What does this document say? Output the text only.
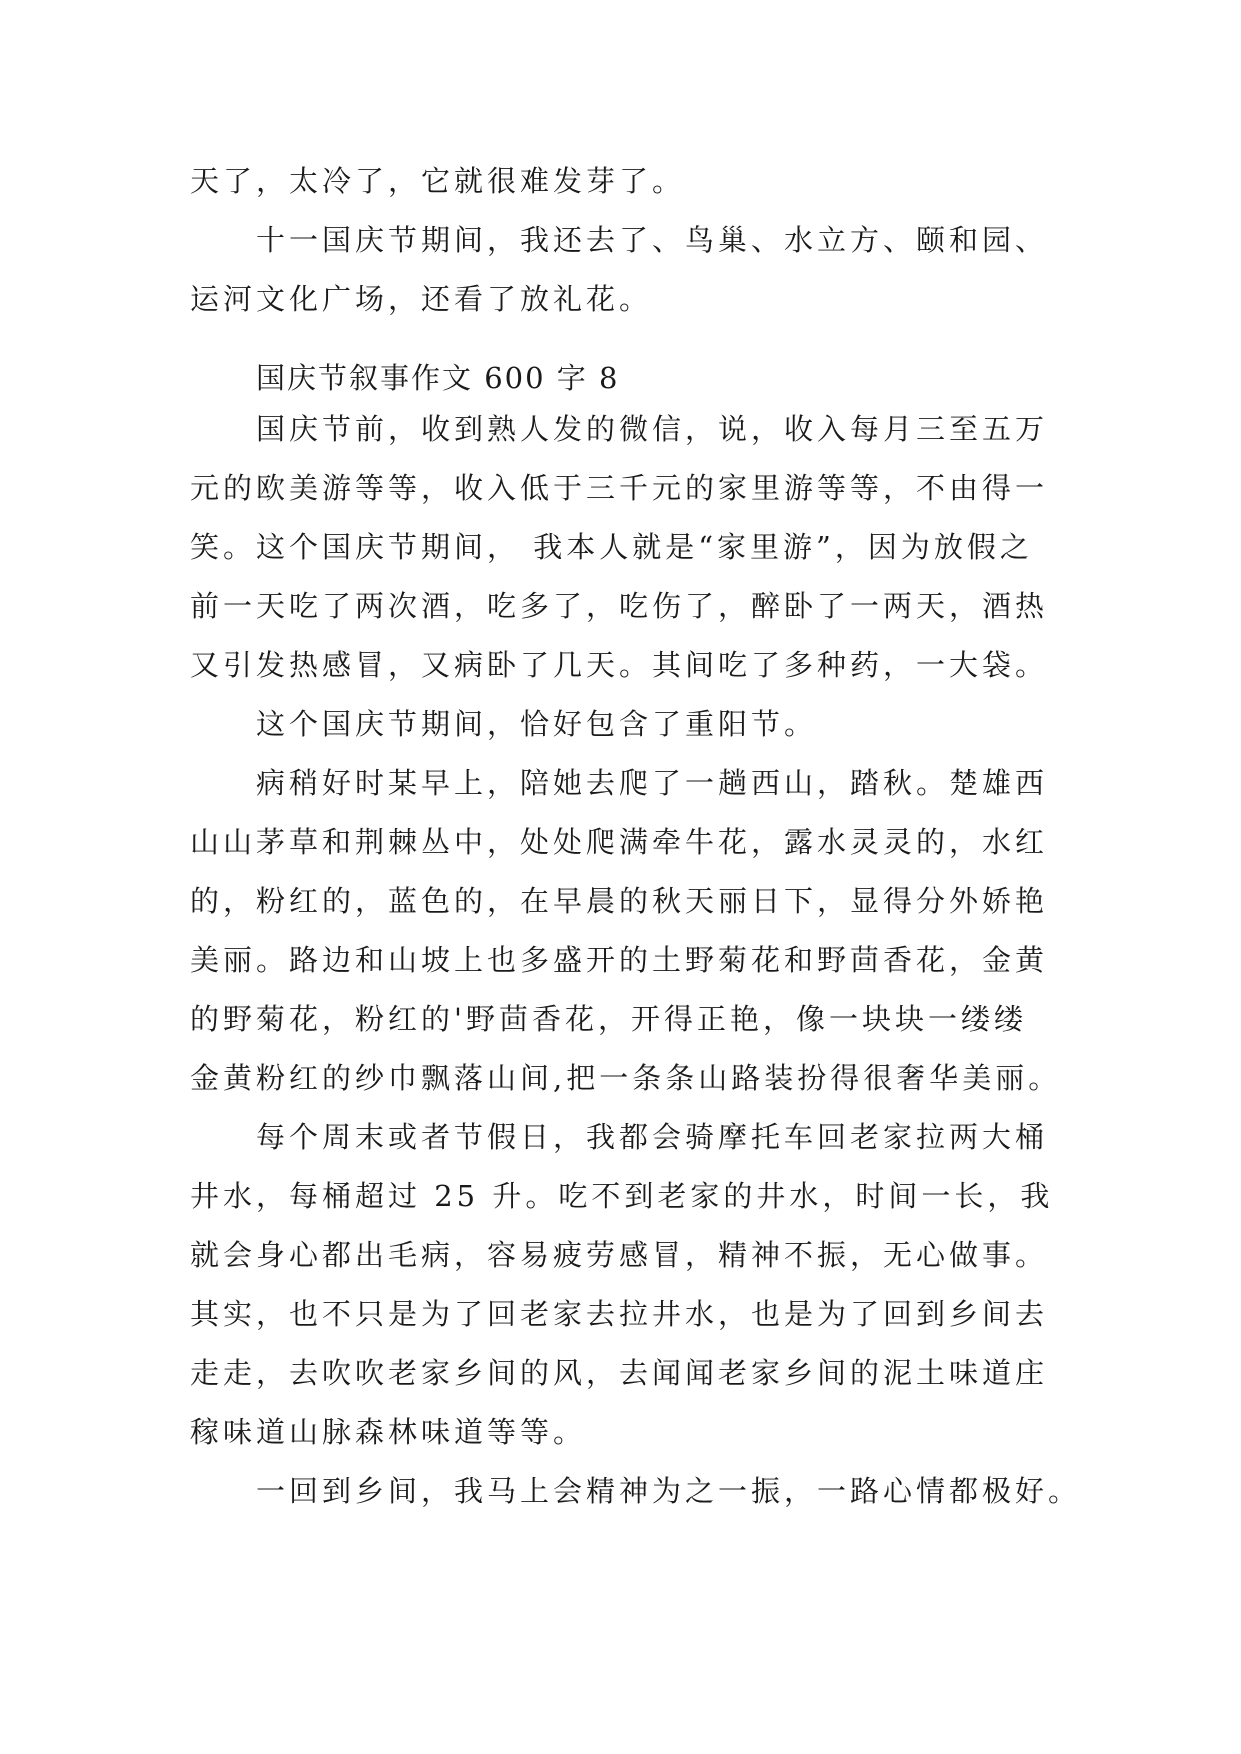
天了，太冷了，它就很难发芽了。
十一国庆节期间，我还去了、鸟巢、水立方、颐和园、
运河文化广场，还看了放礼花。
国庆节叙事作文 600 字 8
国庆节前，收到熟人发的微信，说，收入每月三至五万
元的欧美游等等，收入低于三千元的家里游等等，不由得一
笑。这个国庆节期间， 我本人就是“家里游”，因为放假之
前一天吃了两次酒，吃多了，吃伤了，醉卧了一两天，酒热
又引发热感冒，又病卧了几天。其间吃了多种药，一大袋。
这个国庆节期间，恰好包含了重阳节。
病稍好时某早上，陪她去爬了一趟西山，踏秋。楚雄西
山山茅草和荆棘丛中，处处爬满牵牛花，露水灵灵的，水红
的，粉红的，蓝色的，在早晨的秋天丽日下，显得分外娇艳
美丽。路边和山坡上也多盛开的土野菊花和野茴香花，金黄
的野菊花，粉红的'野茴香花，开得正艳，像一块块一缕缕
金黄粉红的纱巾飘落山间,把一条条山路装扮得很奢华美丽。
每个周末或者节假日，我都会骑摩托车回老家拉两大桶
井水，每桶超过 25 升。吃不到老家的井水，时间一长，我
就会身心都出毛病，容易疲劳感冒，精神不振，无心做事。
其实，也不只是为了回老家去拉井水，也是为了回到乡间去
走走，去吹吹老家乡间的风，去闻闻老家乡间的泥土味道庄
稼味道山脉森林味道等等。
一回到乡间，我马上会精神为之一振，一路心情都极好。
